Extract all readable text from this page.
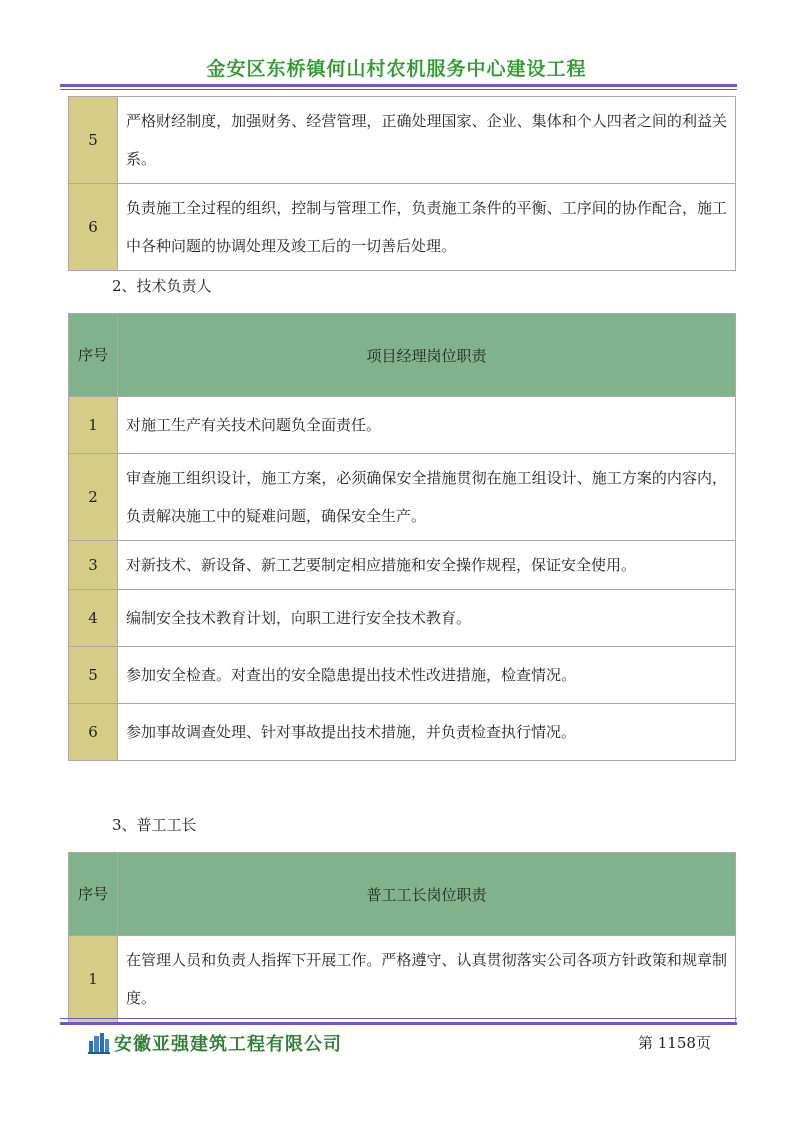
金安区东桥镇何山村农机服务中心建设工程
5	严格财经制度，加强财务、经营管理，正确处理国家、企业、集体和个人四者之间的利益关系。
6	负责施工全过程的组织，控制与管理工作，负责施工条件的平衡、工序间的协作配合，施工中各种问题的协调处理及竣工后的一切善后处理。
2、技术负责人
序号	项目经理岗位职责
1	对施工生产有关技术问题负全面责任。
2	审查施工组织设计，施工方案，必须确保安全措施贯彻在施工组设计、施工方案的内容内，负责解决施工中的疑难问题，确保安全生产。
3	对新技术、新设备、新工艺要制定相应措施和安全操作规程，保证安全使用。
4	编制安全技术教育计划，向职工进行安全技术教育。
5	参加安全检查。对查出的安全隐患提出技术性改进措施，检查情况。
6	参加事故调查处理、针对事故提出技术措施，并负责检查执行情况。
3、普工工长
序号	普工工长岗位职责
1	在管理人员和负责人指挥下开展工作。严格遵守、认真贯彻落实公司各项方针政策和规章制度。
安徽亚强建筑工程有限公司	第 1158页
